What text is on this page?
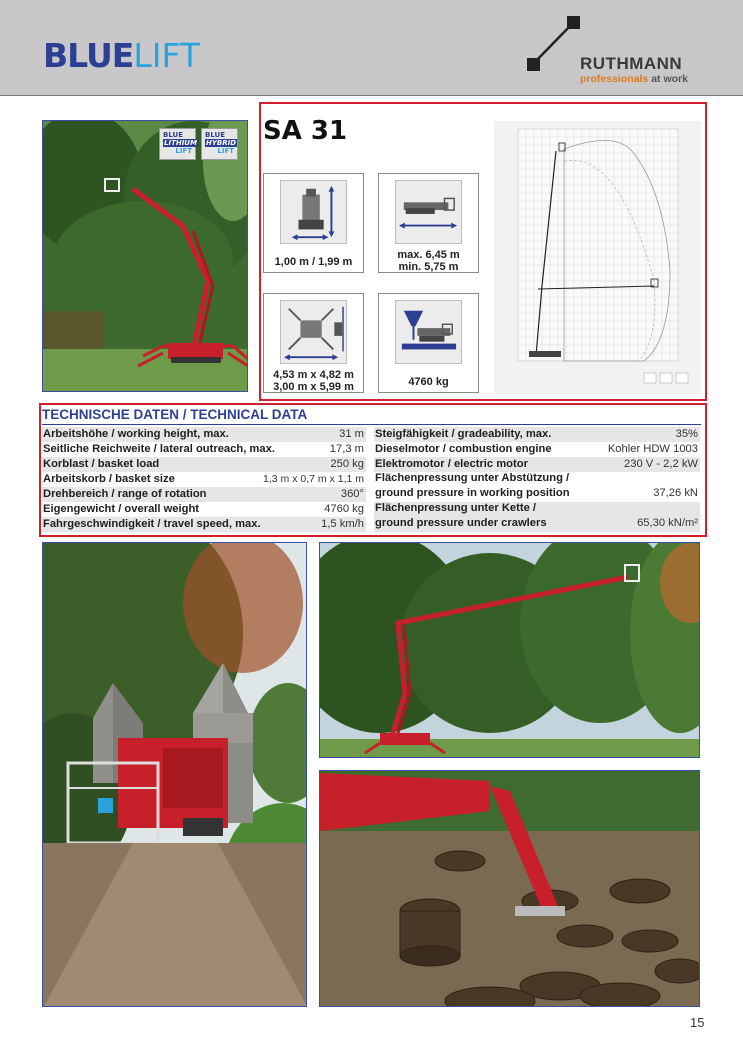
BLUELIFT	RUTHMANN
professionals at work
BLUE
LITHIUM
LIFT
BLUE
HYBRID
LIFT
SA 31
1,00 m / 1,99 m
max. 6,45 m
min. 5,75 m
4,53 m x 4,82 m
3,00 m x 5,99 m	4760 kg
TECHNISCHE DATEN / TECHNICAL DATA
Arbeitshöhe / working height, max.	31 m
Seitliche Reichweite / lateral outreach, max.	17,3 m
Korblast / basket load	250 kg
Arbeitskorb / basket size	1,3 m x 0,7 m x 1,1 m
Drehbereich / range of rotation	360°
Eigengewicht / overall weight	4760 kg
Fahrgeschwindigkeit / travel speed, max.	1,5 km/h
Steigfähigkeit / gradeability, max.	35%
Dieselmotor / combustion engine	Kohler HDW 1003
Elektromotor / electric motor	230 V - 2,2 kW
Flächenpressung unter Abstützung /
ground pressure in working position	37,26 kN
Flächenpressung unter Kette /
ground pressure under crawlers	65,30 kN/m²
15
